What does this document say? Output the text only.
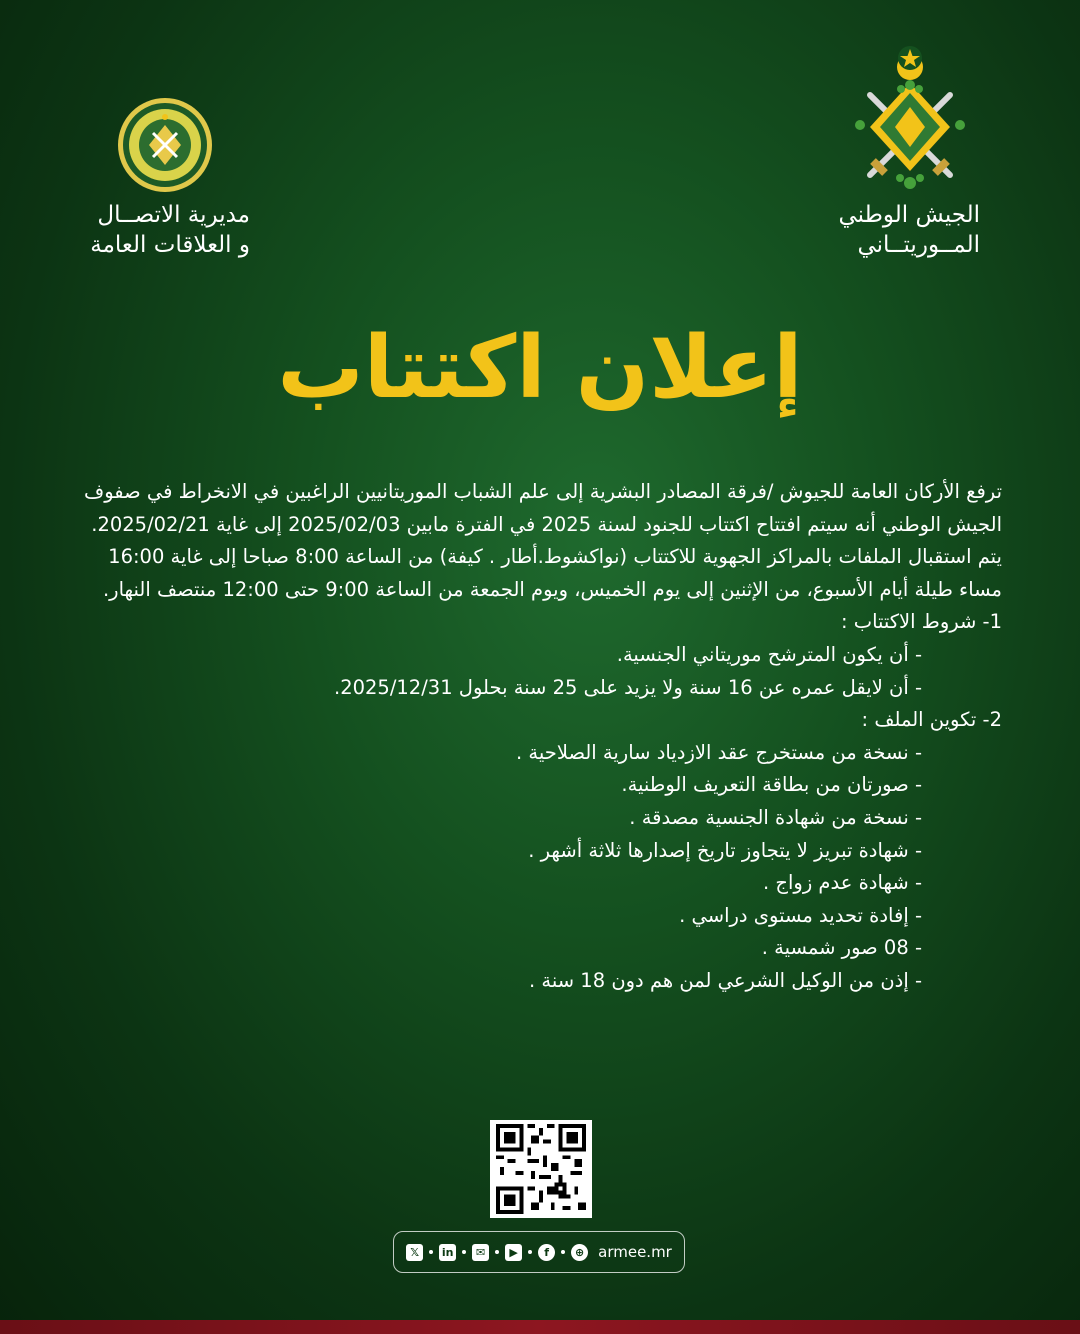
الجيش الوطني
المــوريتــاني
مديرية الاتصــال
و العلاقات العامة
إعلان اكتتاب

ترفع الأركان العامة للجيوش /فرقة المصادر البشرية إلى علم الشباب الموريتانيين الراغبين في الانخراط في صفوف الجيش الوطني أنه سيتم افتتاح اكتتاب للجنود لسنة 2025 في الفترة مابين 2025/02/03 إلى غاية 2025/02/21.

يتم استقبال الملفات بالمراكز الجهوية للاكتتاب (نواكشوط.أطار . كيفة) من الساعة 8:00 صباحا إلى غاية 16:00 مساء طيلة أيام الأسبوع، من الإثنين إلى يوم الخميس، ويوم الجمعة من الساعة 9:00 حتى 12:00 منتصف النهار.

1- شروط الاكتتاب :

- أن يكون المترشح موريتاني الجنسية.
- أن لايقل عمره عن 16 سنة ولا يزيد على 25 سنة بحلول 2025/12/31.

2- تكوين الملف :

- نسخة من مستخرج عقد الازدياد سارية الصلاحية .
- صورتان من بطاقة التعريف الوطنية.
- نسخة من شهادة الجنسية مصدقة .
- شهادة تبريز لا يتجاوز تاريخ إصدارها ثلاثة أشهر .
- شهادة عدم زواج .
- إفادة تحديد مستوى دراسي .
- 08 صور شمسية .
- إذن من الوكيل الشرعي لمن هم دون 18 سنة .
𝕏	in	✉	▶	f	⊕ armee.mr
